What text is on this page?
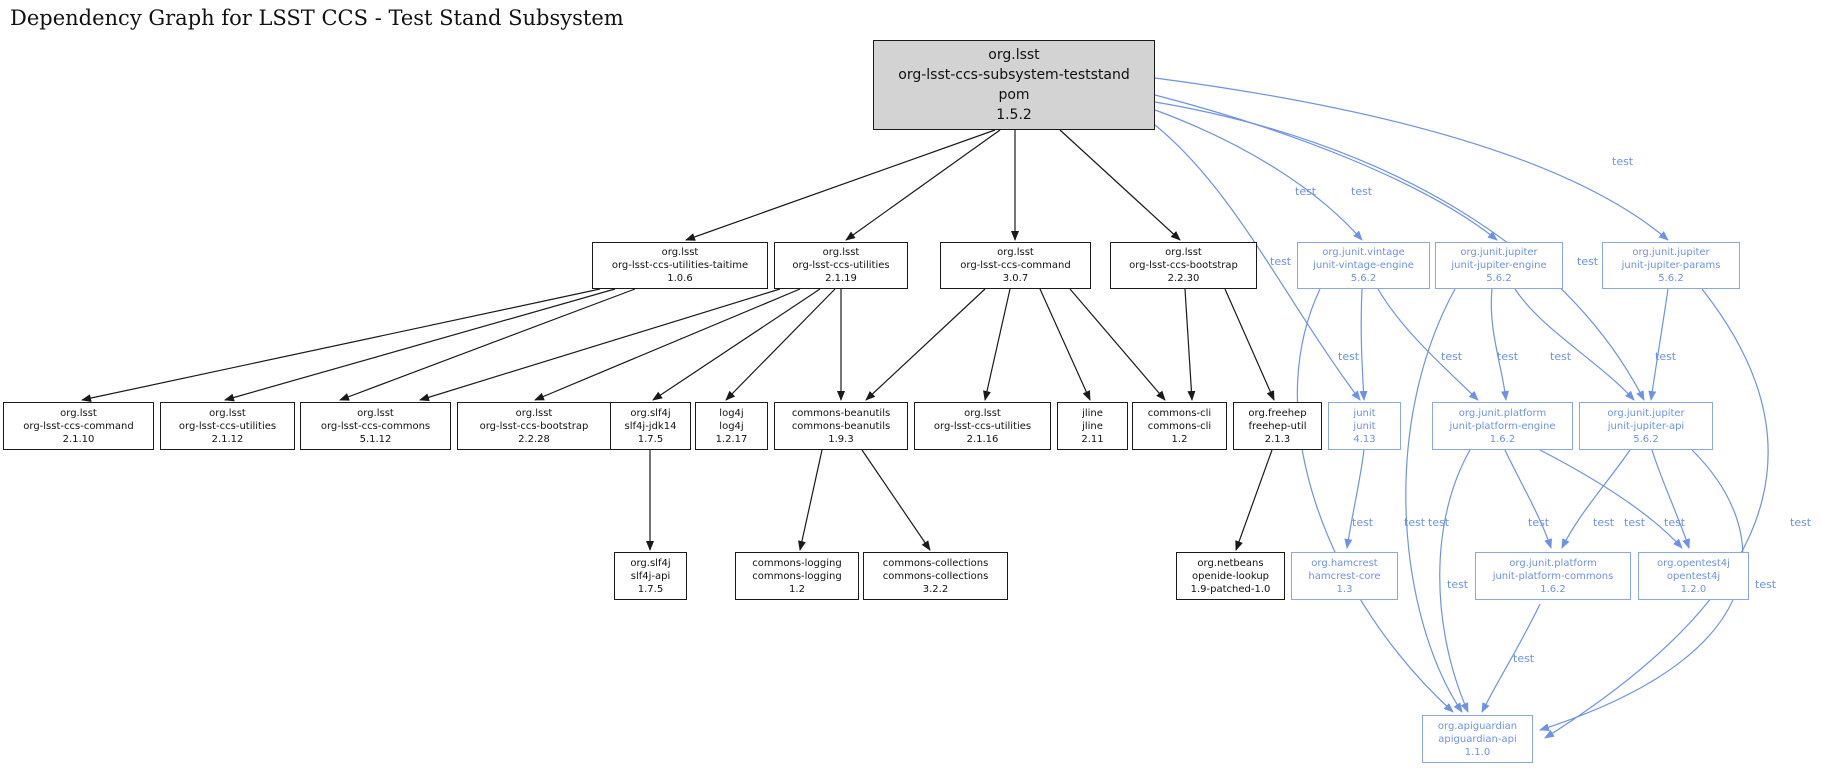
Dependency Graph for LSST CCS - Test Stand Subsystem
test	test
test
test	test
test	test	test	test	test
test	test test	test	test test test	test
test	test
test
org.lsst
org-lsst-ccs-subsystem-teststand
pom
1.5.2
org.lsst
org-lsst-ccs-utilities-taitime
1.0.6
org.lsst
org-lsst-ccs-utilities
2.1.19
org.lsst
org-lsst-ccs-command
3.0.7
org.lsst
org-lsst-ccs-bootstrap
2.2.30
org.junit.vintage
junit-vintage-engine
5.6.2
org.junit.jupiter
junit-jupiter-engine
5.6.2
org.junit.jupiter
junit-jupiter-params
5.6.2
org.lsst
org-lsst-ccs-command
2.1.10
org.lsst
org-lsst-ccs-utilities
2.1.12
org.lsst
org-lsst-ccs-commons
5.1.12
org.lsst
org-lsst-ccs-bootstrap
2.2.28
org.slf4j
slf4j-jdk14
1.7.5
log4j
log4j
1.2.17
commons-beanutils
commons-beanutils
1.9.3
org.lsst
org-lsst-ccs-utilities
2.1.16
jline
jline
2.11
commons-cli
commons-cli
1.2
org.freehep
freehep-util
2.1.3
junit
junit
4.13
org.junit.platform
junit-platform-engine
1.6.2
org.junit.jupiter
junit-jupiter-api
5.6.2
org.slf4j
slf4j-api
1.7.5
commons-logging
commons-logging
1.2
commons-collections
commons-collections
3.2.2
org.netbeans
openide-lookup
1.9-patched-1.0
org.hamcrest
hamcrest-core
1.3
org.junit.platform
junit-platform-commons
1.6.2
org.opentest4j
opentest4j
1.2.0
org.apiguardian
apiguardian-api
1.1.0
